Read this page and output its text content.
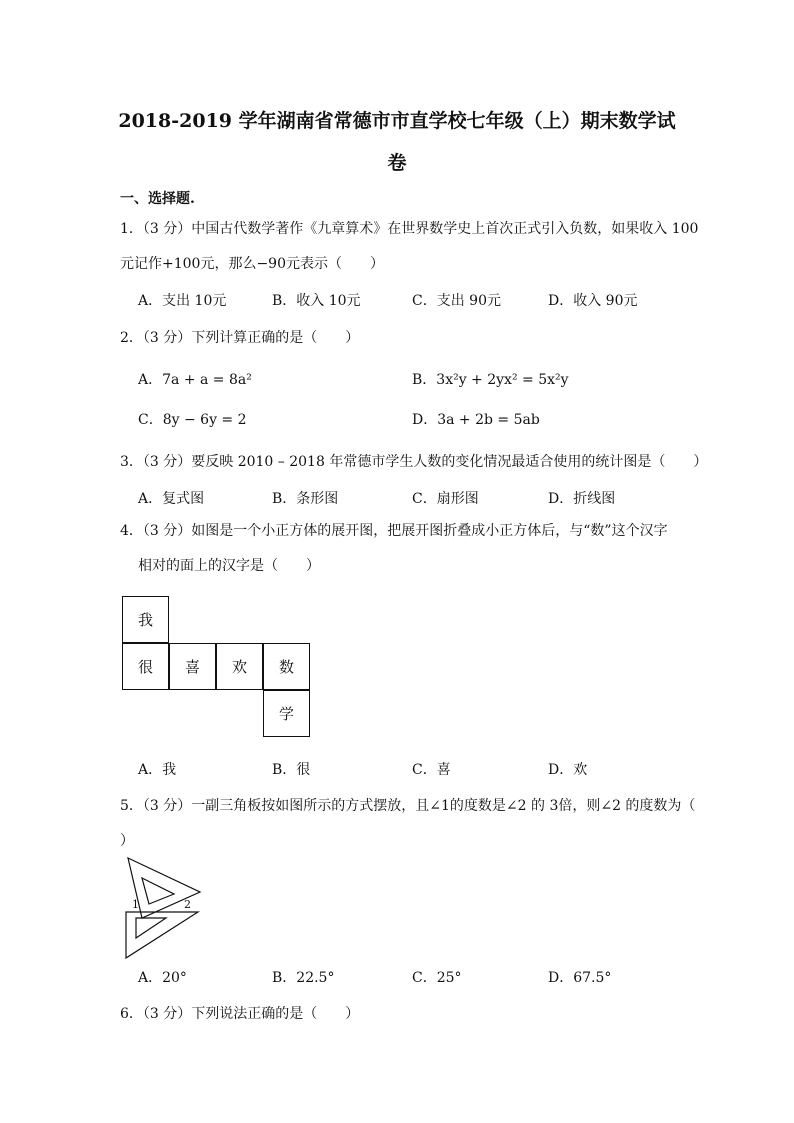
2018-2019 学年湖南省常德市市直学校七年级（上）期末数学试
卷
一、选择题.
1．（3 分）中国古代数学著作《九章算术》在世界数学史上首次正式引入负数，如果收入 100
元记作+100元，那么−90元表示（　　）
A．支出 10元	B．收入 10元	C．支出 90元	D．收入 90元
2．（3 分）下列计算正确的是（　　）
A．7a + a = 8a²	B．3x²y + 2yx² = 5x²y
C．8y − 6y = 2	D．3a + 2b = 5ab
3．（3 分）要反映 2010 – 2018 年常德市学生人数的变化情况最适合使用的统计图是（　　）
A．复式图	B．条形图	C．扇形图	D．折线图
4．（3 分）如图是一个小正方体的展开图，把展开图折叠成小正方体后，与“数”这个汉字
相对的面上的汉字是（　　）
我
很	喜	欢	数
学
A．我	B．很	C．喜	D．欢
5．（3 分）一副三角板按如图所示的方式摆放，且∠1的度数是∠2 的 3倍，则∠2 的度数为（
）
1	2
A．20°	B．22.5°	C．25°	D．67.5°
6．（3 分）下列说法正确的是（　　）
